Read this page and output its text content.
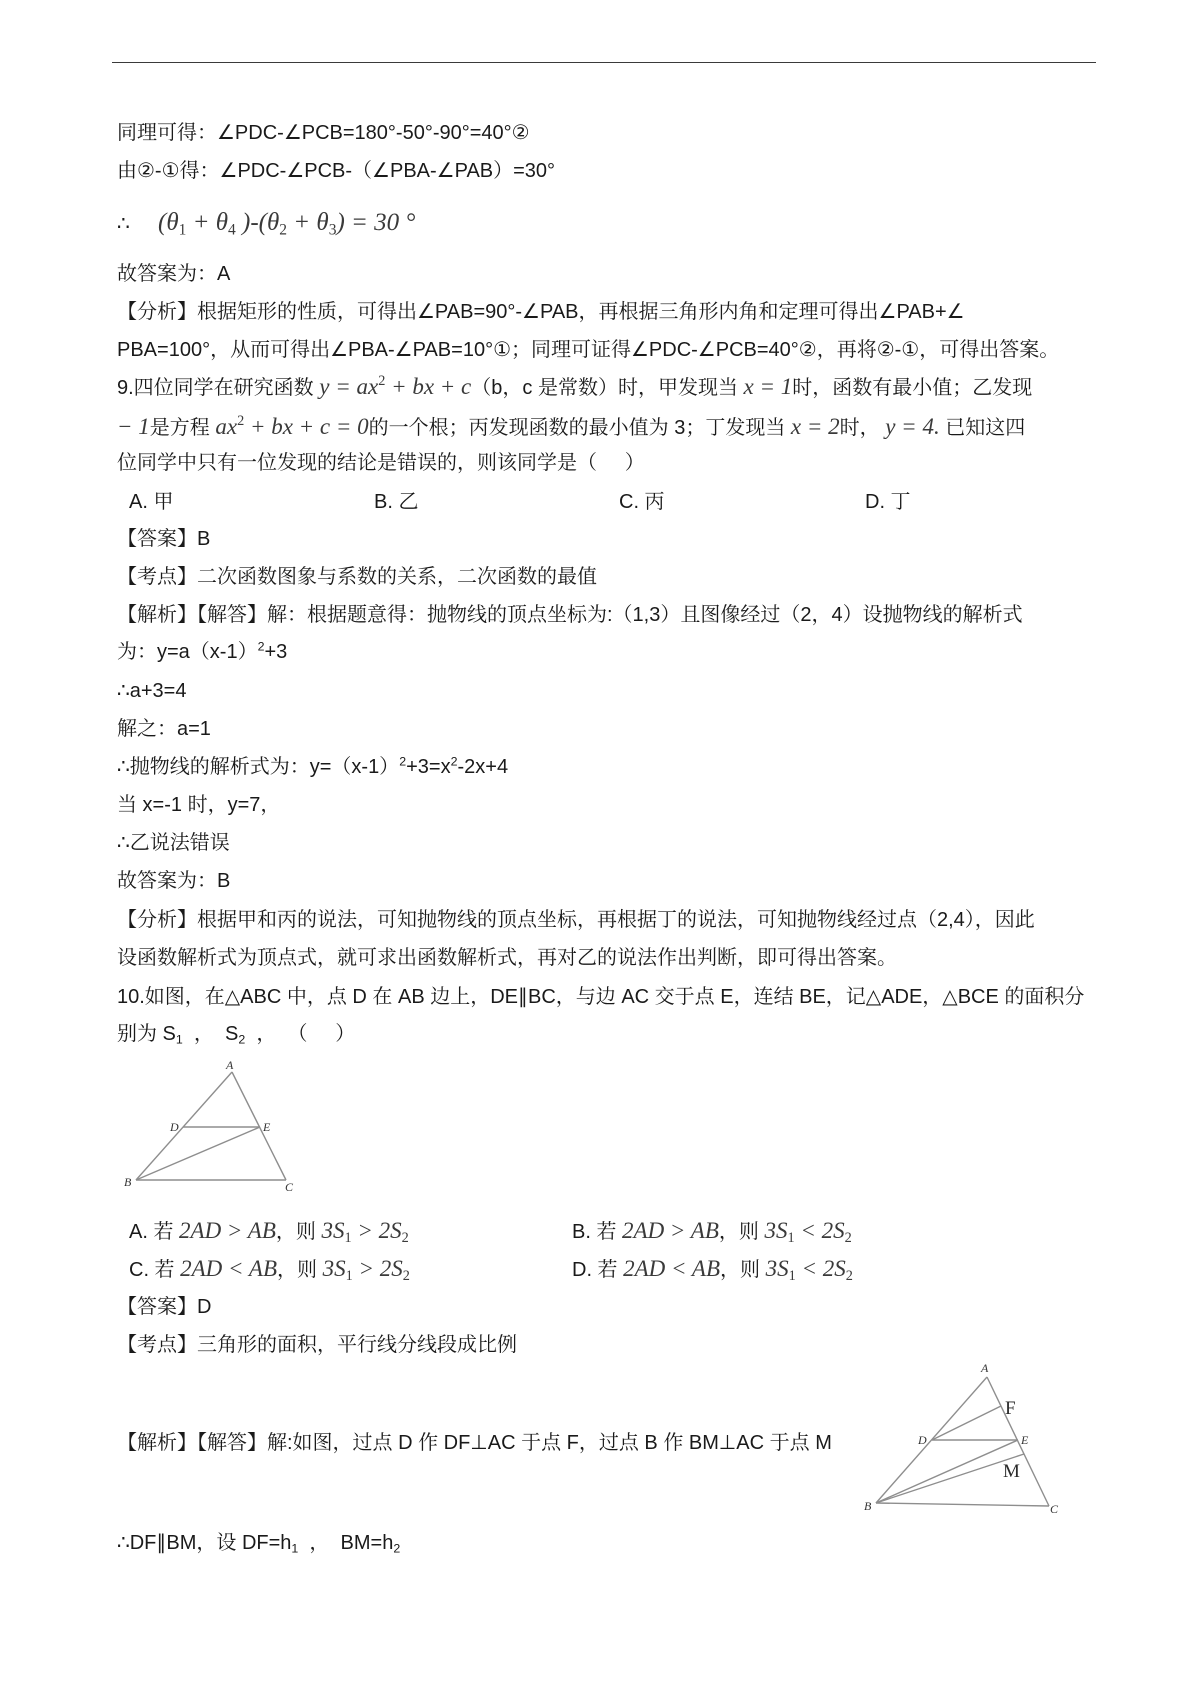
同理可得：∠PDC-∠PCB=180°-50°-90°=40°②
由②-①得：∠PDC-∠PCB-（∠PBA-∠PAB）=30°
∴ ($\theta_1 + \theta_4$ )$-(\theta_2 + \theta_3) = 30$ °
故答案为：A
【分析】根据矩形的性质，可得出∠PAB=90°-∠PAB，再根据三角形内角和定理可得出∠PAB+∠
PBA=100°，从而可得出∠PBA-∠PAB=10°①；同理可证得∠PDC-∠PCB=40°②，再将②-①，可得出答案。
9.四位同学在研究函数 $y = ax^2$ + bx + c（b，c 是常数）时，甲发现当 x = 1时，函数有最小值；乙发现
− 1是方程 $ax^2$ + bx + c = 0的一个根；丙发现函数的最小值为 3；丁发现当 x = 2时， y = 4. 已知这四
位同学中只有一位发现的结论是错误的，则该同学是（     ）
A. 甲	B. 乙	C. 丙	D. 丁
【答案】B
【考点】二次函数图象与系数的关系，二次函数的最值
【解析】【解答】解：根据题意得：抛物线的顶点坐标为:（1,3）且图像经过（2，4）设抛物线的解析式
为：$y=a(x-1)^2+3$
∴a+3=4
解之：a=1
∴抛物线的解析式为：$y=(x-1)^2+3=x^2-2x+4$
当 x=-1 时，y=7，
∴乙说法错误
故答案为：B
【分析】根据甲和丙的说法，可知抛物线的顶点坐标，再根据丁的说法，可知抛物线经过点（2,4），因此
设函数解析式为顶点式，就可求出函数解析式，再对乙的说法作出判断，即可得出答案。
10.如图，在△ABC 中，点 D 在 AB 边上，DE∥BC，与边 AC 交于点 E，连结 BE，记△ADE，△BCE 的面积分
别为 $S_1$  ，  $S_2$  ，  （     ）
A
D	E
B	C
A. 若 2AD > AB，则 $3S_1 > 2S_2$	B. 若 2AD > AB，则 $3S_1 < 2S_2$
C. 若 2AD < AB，则 $3S_1 > 2S_2$	D. 若 2AD < AB，则 $3S_1 < 2S_2$
【答案】D
【考点】三角形的面积，平行线分线段成比例
【解析】【解答】解:如图，过点 D 作 DF⊥AC 于点 F，过点 B 作 BM⊥AC 于点 M
A
D	E
B	C
F
M
∴DF∥BM，设 $DF=h_1$  ，  $BM=h_2$
